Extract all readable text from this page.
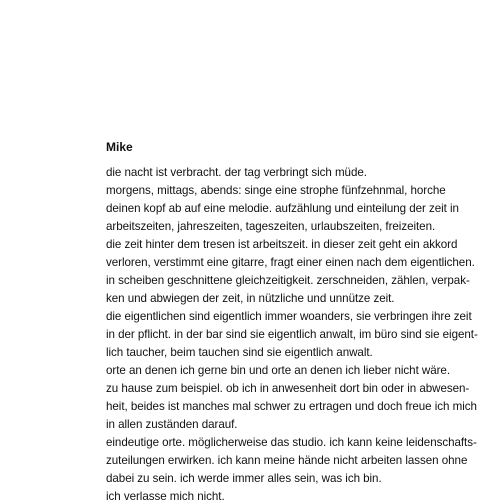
Mike
die nacht ist verbracht. der tag verbringt sich müde.
morgens, mittags, abends: singe eine strophe fünfzehnmal, horche
deinen kopf ab auf eine melodie. aufzählung und einteilung der zeit in
arbeitszeiten, jahreszeiten, tageszeiten, urlaubszeiten, freizeiten.
die zeit hinter dem tresen ist arbeitszeit. in dieser zeit geht ein akkord
verloren, verstimmt eine gitarre, fragt einer einen nach dem eigentlichen.
in scheiben geschnittene gleichzeitigkeit. zerschneiden, zählen, verpak-
ken und abwiegen der zeit, in nützliche und unnütze zeit.
die eigentlichen sind eigentlich immer woanders, sie verbringen ihre zeit
in der pflicht. in der bar sind sie eigentlich anwalt, im büro sind sie eigent-
lich taucher, beim tauchen sind sie eigentlich anwalt.
orte an denen ich gerne bin und orte an denen ich lieber nicht wäre.
zu hause zum beispiel. ob ich in anwesenheit dort bin oder in abwesen-
heit, beides ist manches mal schwer zu ertragen und doch freue ich mich
in allen zuständen darauf.
eindeutige orte. möglicherweise das studio. ich kann keine leidenschafts-
zuteilungen erwirken. ich kann meine hände nicht arbeiten lassen ohne
dabei zu sein. ich werde immer alles sein, was ich bin.
ich verlasse mich nicht.
